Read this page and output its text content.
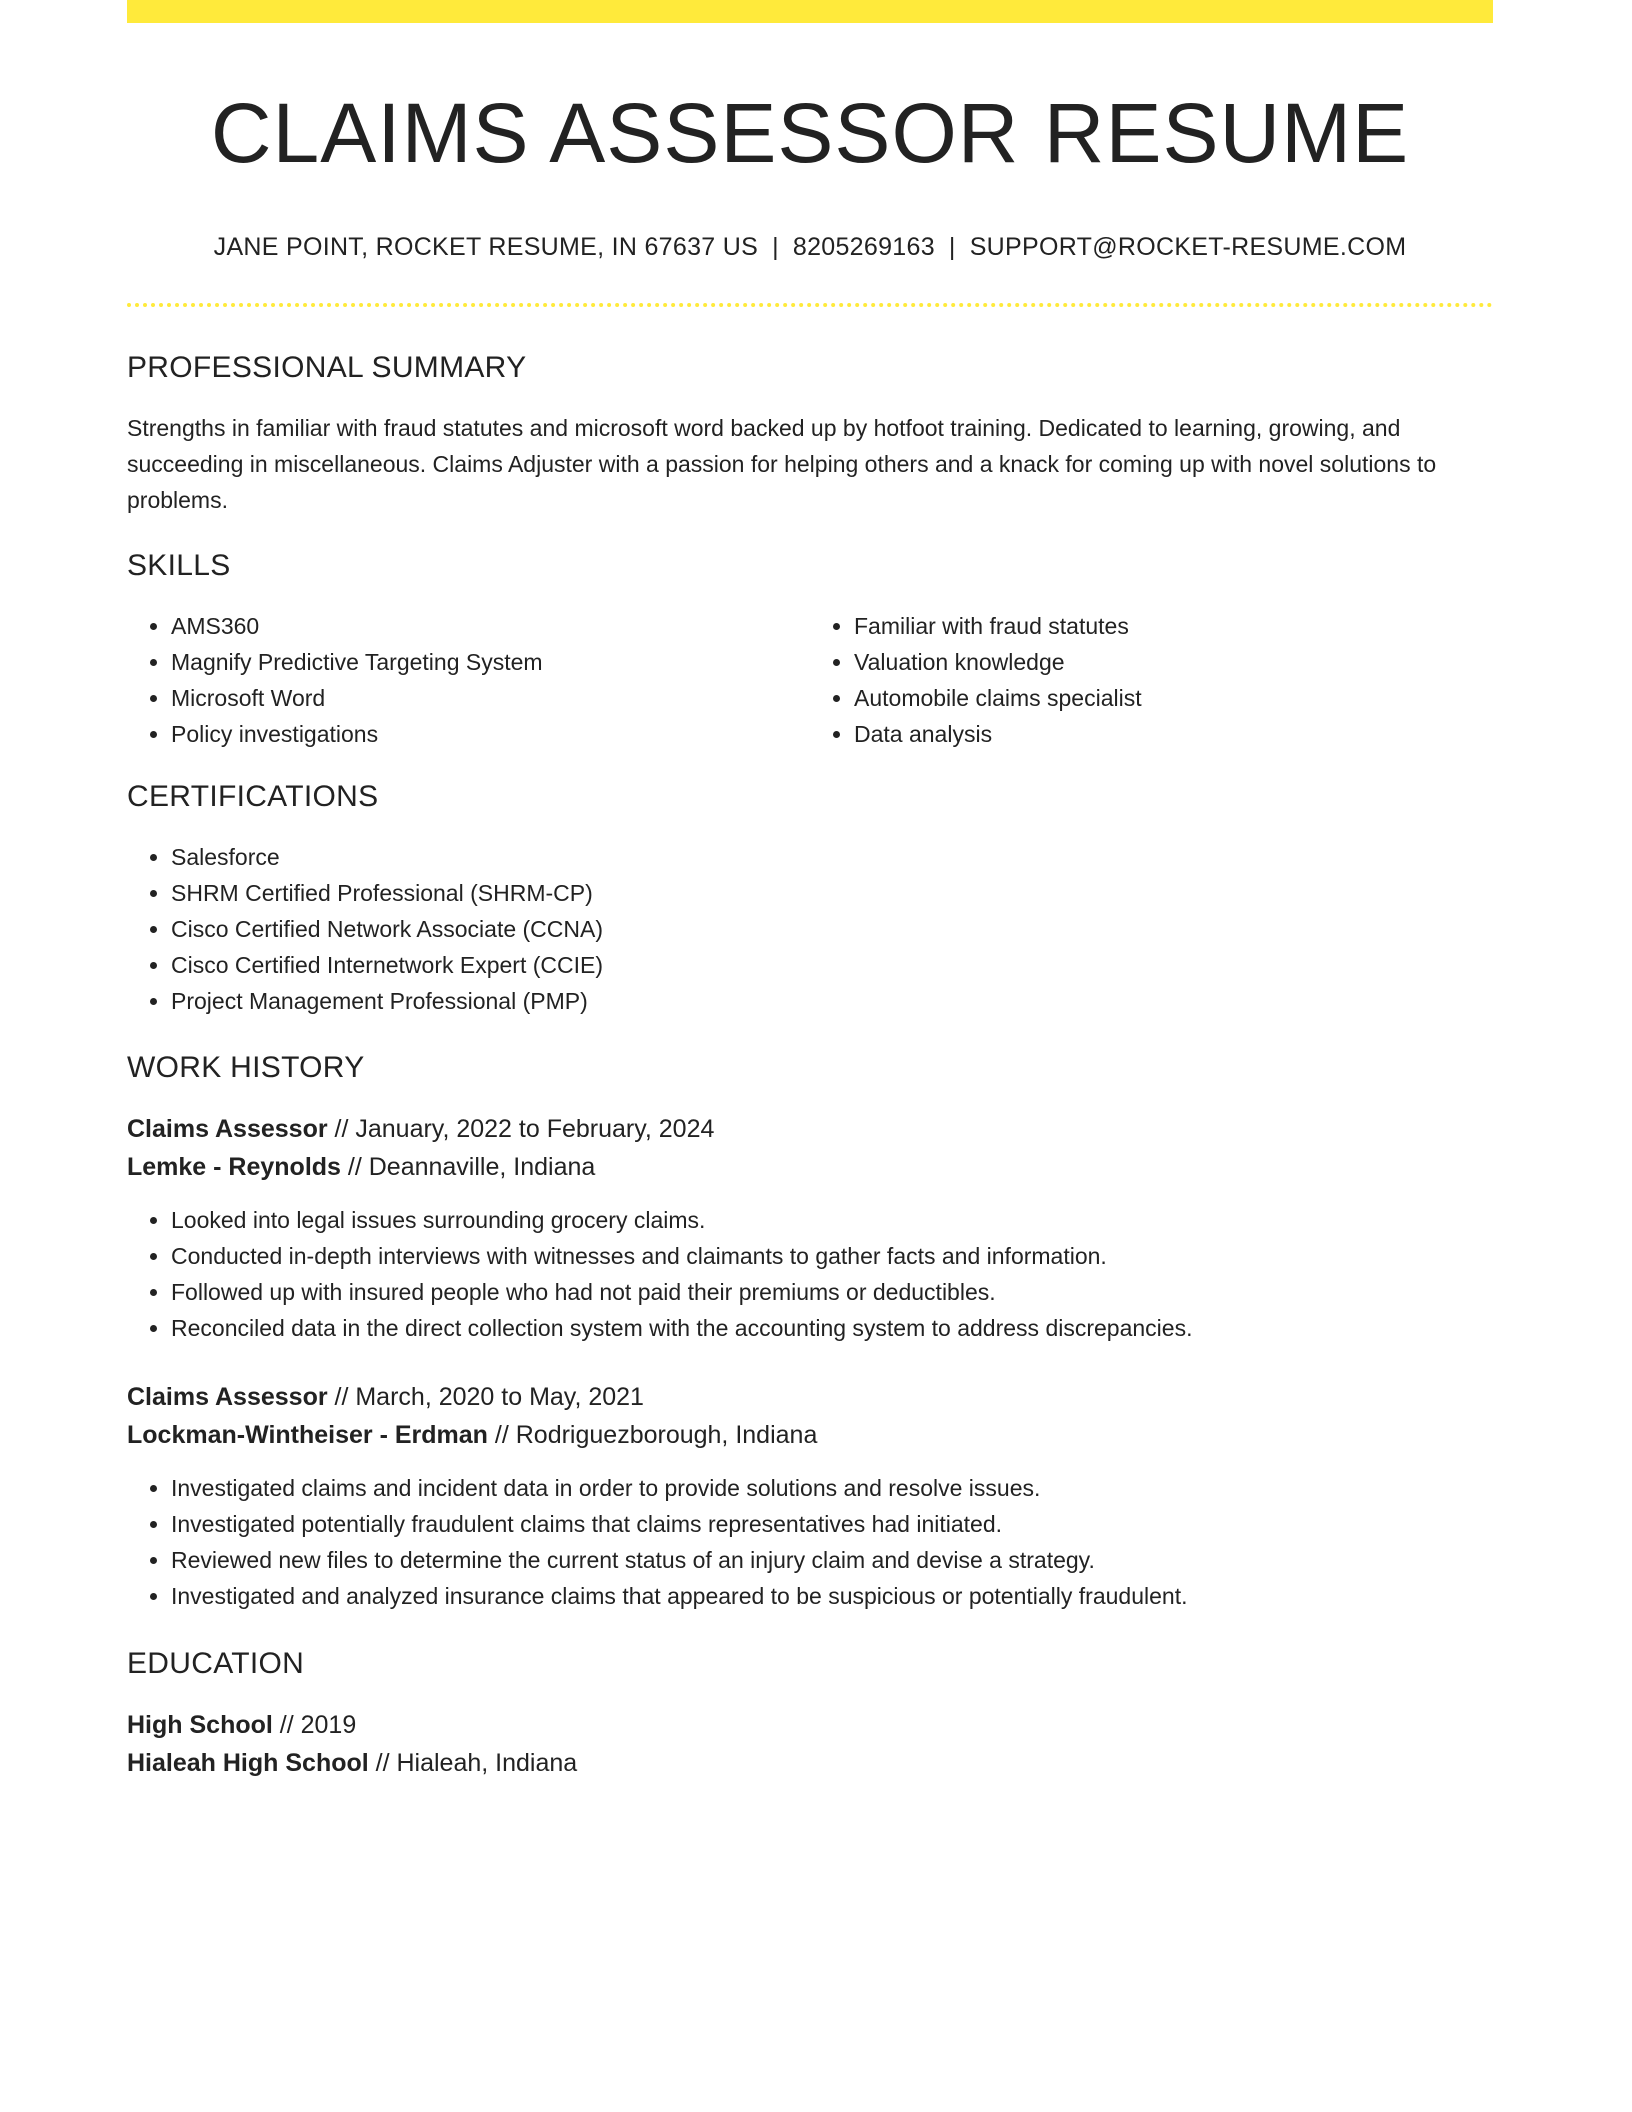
CLAIMS ASSESSOR RESUME
JANE POINT, ROCKET RESUME, IN 67637 US | 8205269163 | SUPPORT@ROCKET-RESUME.COM
PROFESSIONAL SUMMARY
Strengths in familiar with fraud statutes and microsoft word backed up by hotfoot training. Dedicated to learning, growing, and succeeding in miscellaneous. Claims Adjuster with a passion for helping others and a knack for coming up with novel solutions to problems.
SKILLS
• AMS360
• Magnify Predictive Targeting System
• Microsoft Word
• Policy investigations
• Familiar with fraud statutes
• Valuation knowledge
• Automobile claims specialist
• Data analysis
CERTIFICATIONS
• Salesforce
• SHRM Certified Professional (SHRM-CP)
• Cisco Certified Network Associate (CCNA)
• Cisco Certified Internetwork Expert (CCIE)
• Project Management Professional (PMP)
WORK HISTORY
Claims Assessor // January, 2022 to February, 2024
Lemke - Reynolds // Deannaville, Indiana
• Looked into legal issues surrounding grocery claims.
• Conducted in-depth interviews with witnesses and claimants to gather facts and information.
• Followed up with insured people who had not paid their premiums or deductibles.
• Reconciled data in the direct collection system with the accounting system to address discrepancies.
Claims Assessor // March, 2020 to May, 2021
Lockman-Wintheiser - Erdman // Rodriguezborough, Indiana
• Investigated claims and incident data in order to provide solutions and resolve issues.
• Investigated potentially fraudulent claims that claims representatives had initiated.
• Reviewed new files to determine the current status of an injury claim and devise a strategy.
• Investigated and analyzed insurance claims that appeared to be suspicious or potentially fraudulent.
EDUCATION
High School // 2019
Hialeah High School // Hialeah, Indiana
